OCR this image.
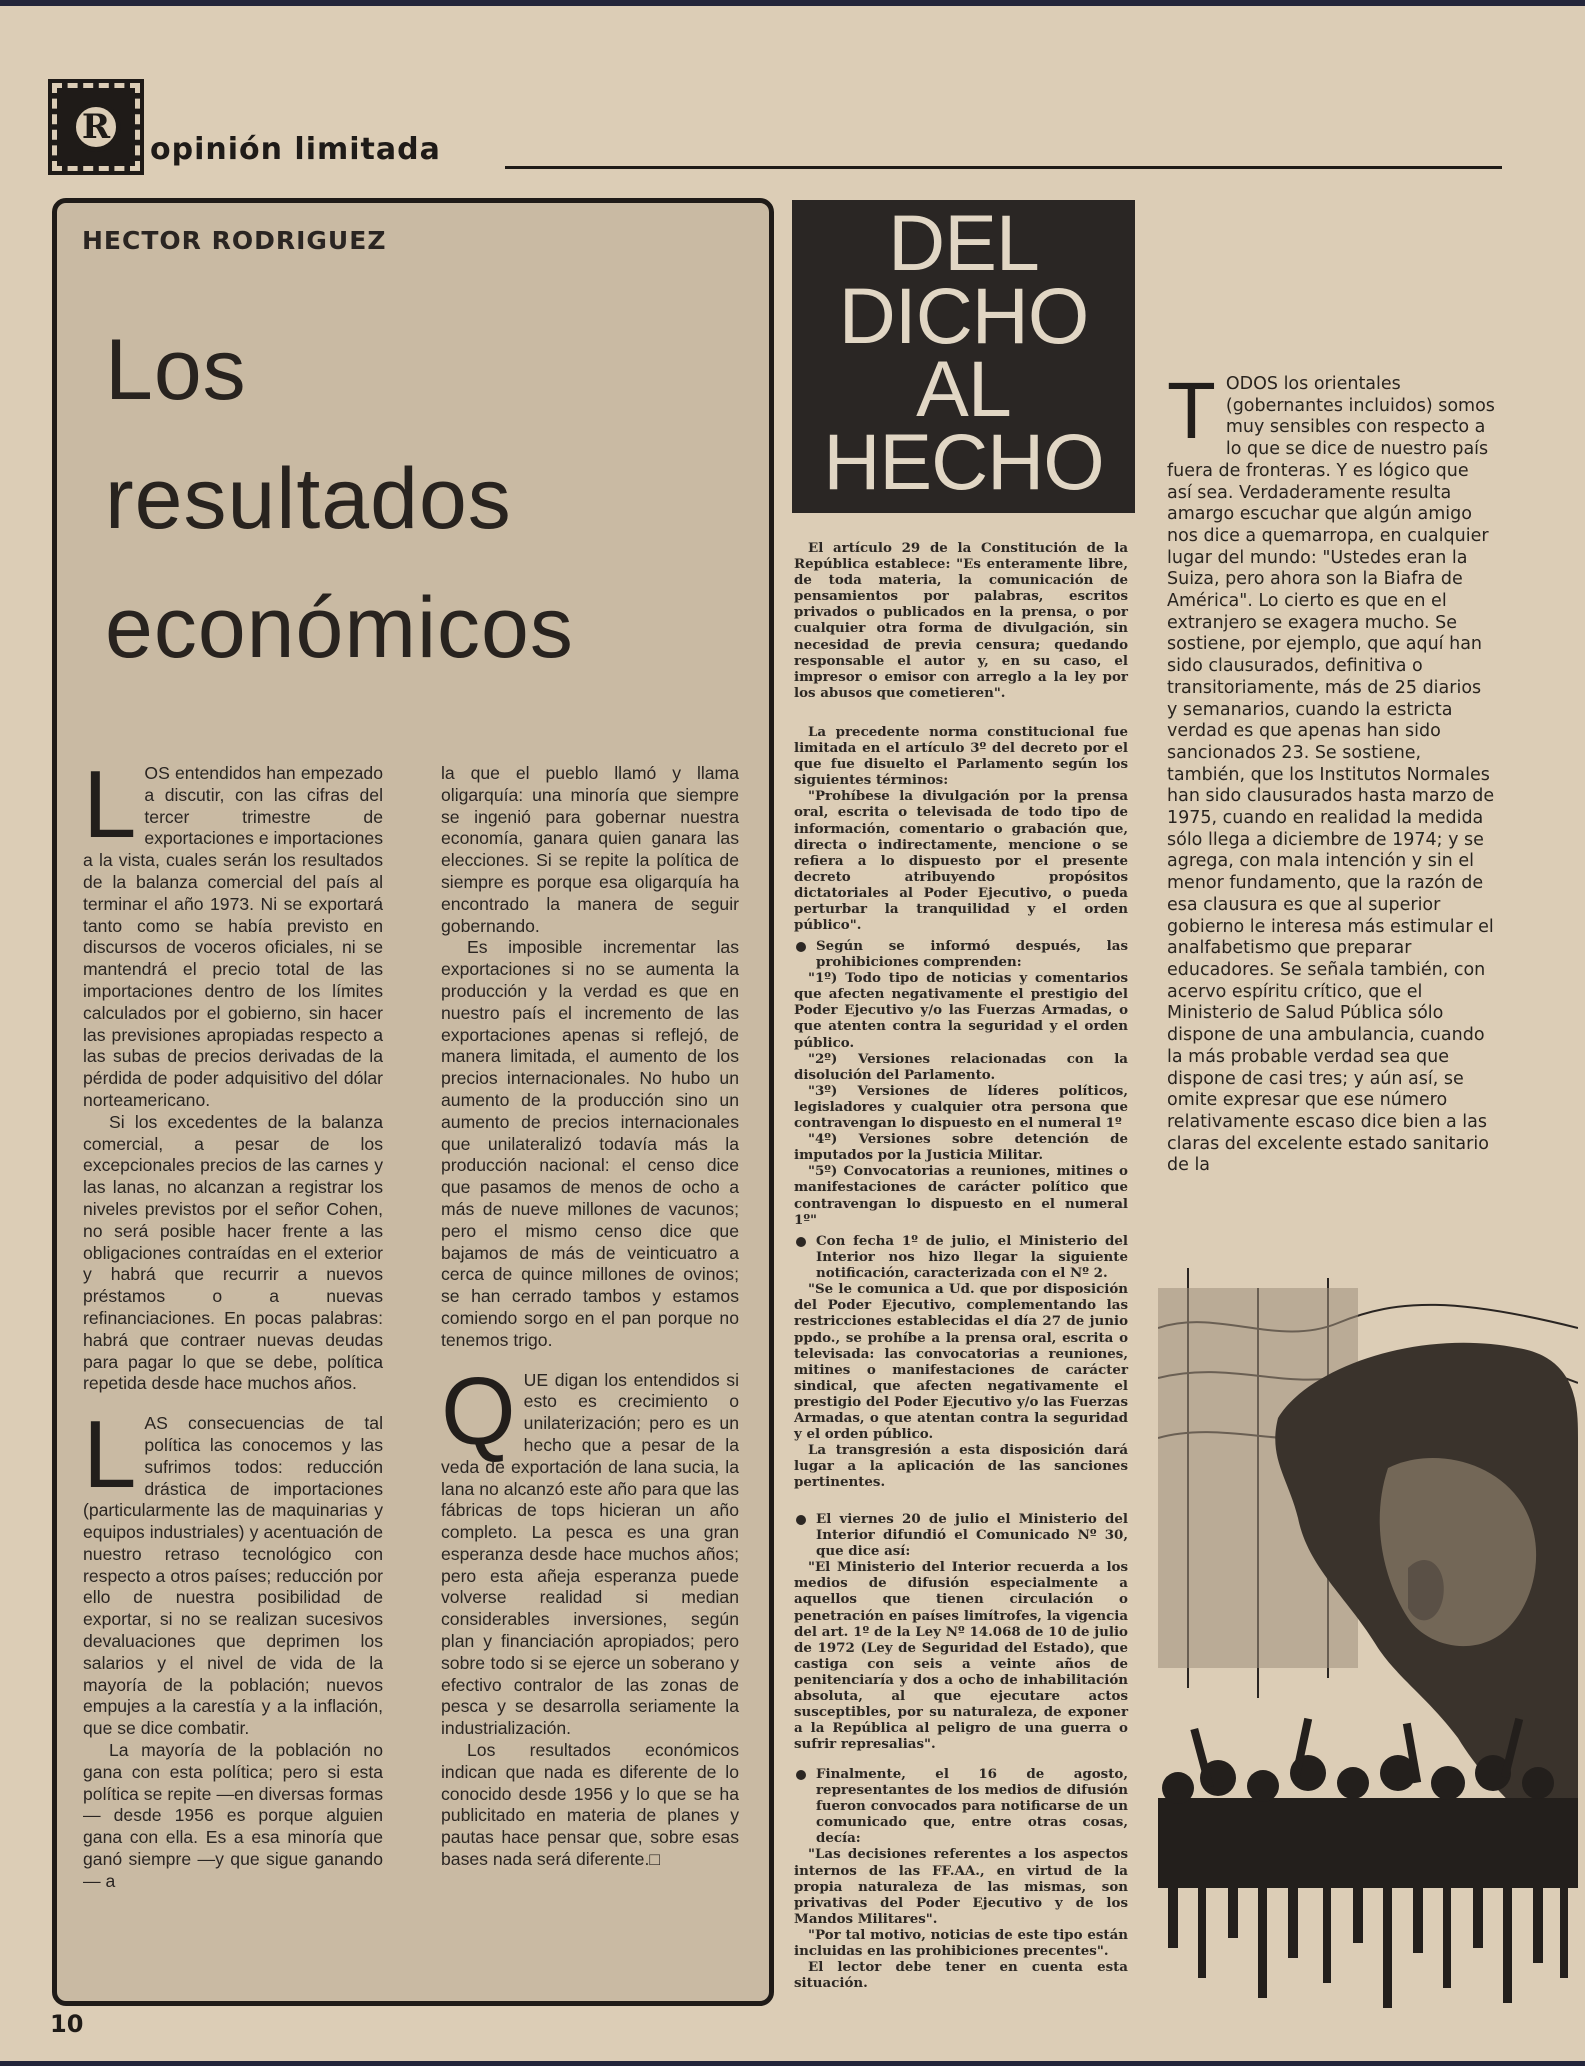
R
opinión limitada
HECTOR RODRIGUEZ
Los
resultados
económicos

LOS entendidos han empezado a discutir, con las cifras del tercer trimestre de exportaciones e importaciones a la vista, cuales serán los resultados de la balanza comercial del país al terminar el año 1973. Ni se exportará tanto como se había previsto en discursos de voceros oficiales, ni se mantendrá el precio total de las importaciones dentro de los límites calculados por el gobierno, sin hacer las previsiones apropiadas respecto a las subas de precios derivadas de la pérdida de poder adquisitivo del dólar norteamericano.

Si los excedentes de la balanza comercial, a pesar de los excepcionales precios de las carnes y las lanas, no alcanzan a registrar los niveles previstos por el señor Cohen, no será posible hacer frente a las obligaciones contraídas en el exterior y habrá que recurrir a nuevos préstamos o a nuevas refinanciaciones. En pocas palabras: habrá que contraer nuevas deudas para pagar lo que se debe, política repetida desde hace muchos años.

LAS consecuencias de tal política las conocemos y las sufrimos todos: reducción drástica de importaciones (particularmente las de maquinarias y equipos industriales) y acentuación de nuestro retraso tecnológico con respecto a otros países; reducción por ello de nuestra posibilidad de exportar, si no se realizan sucesivos devaluaciones que deprimen los salarios y el nivel de vida de la mayoría de la población; nuevos empujes a la carestía y a la inflación, que se dice combatir.

La mayoría de la población no gana con esta política; pero si esta política se repite —en diversas formas— desde 1956 es porque alguien gana con ella. Es a esa minoría que ganó siempre —y que sigue ganando— a

la que el pueblo llamó y llama oligarquía: una minoría que siempre se ingenió para gobernar nuestra economía, ganara quien ganara las elecciones. Si se repite la política de siempre es porque esa oligarquía ha encontrado la manera de seguir gobernando.

Es imposible incrementar las exportaciones si no se aumenta la producción y la verdad es que en nuestro país el incremento de las exportaciones apenas si reflejó, de manera limitada, el aumento de los precios internacionales. No hubo un aumento de la producción sino un aumento de precios internacionales que unilateralizó todavía más la producción nacional: el censo dice que pasamos de menos de ocho a más de nueve millones de vacunos; pero el mismo censo dice que bajamos de más de veinticuatro a cerca de quince millones de ovinos; se han cerrado tambos y estamos comiendo sorgo en el pan porque no tenemos trigo.

QUE digan los entendidos si esto es crecimiento o unilaterización; pero es un hecho que a pesar de la veda de exportación de lana sucia, la lana no alcanzó este año para que las fábricas de tops hicieran un año completo. La pesca es una gran esperanza desde hace muchos años; pero esta añeja esperanza puede volverse realidad si median considerables inversiones, según plan y financiación apropiados; pero sobre todo si se ejerce un soberano y efectivo contralor de las zonas de pesca y se desarrolla seriamente la industrialización.

Los resultados económicos indican que nada es diferente de lo conocido desde 1956 y lo que se ha publicitado en materia de planes y pautas hace pensar que, sobre esas bases nada será diferente.□

10
DEL
DICHO
AL
HECHO

El artículo 29 de la Constitución de la República establece: "Es enteramente libre, de toda materia, la comunicación de pensamientos por palabras, escritos privados o publicados en la prensa, o por cualquier otra forma de divulgación, sin necesidad de previa censura; quedando responsable el autor y, en su caso, el impresor o emisor con arreglo a la ley por los abusos que cometieren".

La precedente norma constitucional fue limitada en el artículo 3º del decreto por el que fue disuelto el Parlamento según los siguientes términos:

"Prohíbese la divulgación por la prensa oral, escrita o televisada de todo tipo de información, comentario o grabación que, directa o indirectamente, mencione o se refiera a lo dispuesto por el presente decreto atribuyendo propósitos dictatoriales al Poder Ejecutivo, o pueda perturbar la tranquilidad y el orden público".

Según se informó después, las prohibiciones comprenden:

"1º) Todo tipo de noticias y comentarios que afecten negativamente el prestigio del Poder Ejecutivo y/o las Fuerzas Armadas, o que atenten contra la seguridad y el orden público.

"2º) Versiones relacionadas con la disolución del Parlamento.

"3º) Versiones de líderes políticos, legisladores y cualquier otra persona que contravengan lo dispuesto en el numeral 1º

"4º) Versiones sobre detención de imputados por la Justicia Militar.

"5º) Convocatorias a reuniones, mitines o manifestaciones de carácter político que contravengan lo dispuesto en el numeral 1º"

Con fecha 1º de julio, el Ministerio del Interior nos hizo llegar la siguiente notificación, caracterizada con el Nº 2.

"Se le comunica a Ud. que por disposición del Poder Ejecutivo, complementando las restricciones establecidas el día 27 de junio ppdo., se prohíbe a la prensa oral, escrita o televisada: las convocatorias a reuniones, mitines o manifestaciones de carácter sindical, que afecten negativamente el prestigio del Poder Ejecutivo y/o las Fuerzas Armadas, o que atentan contra la seguridad y el orden público.

La transgresión a esta disposición dará lugar a la aplicación de las sanciones pertinentes.

El viernes 20 de julio el Ministerio del Interior difundió el Comunicado Nº 30, que dice así:

"El Ministerio del Interior recuerda a los medios de difusión especialmente a aquellos que tienen circulación o penetración en países limítrofes, la vigencia del art. 1º de la Ley Nº 14.068 de 10 de julio de 1972 (Ley de Seguridad del Estado), que castiga con seis a veinte años de penitenciaría y dos a ocho de inhabilitación absoluta, al que ejecutare actos susceptibles, por su naturaleza, de exponer a la República al peligro de una guerra o sufrir represalias".

Finalmente, el 16 de agosto, representantes de los medios de difusión fueron convocados para notificarse de un comunicado que, entre otras cosas, decía:

"Las decisiones referentes a los aspectos internos de las FF.AA., en virtud de la propia naturaleza de las mismas, son privativas del Poder Ejecutivo y de los Mandos Militares".

"Por tal motivo, noticias de este tipo están incluidas en las prohibiciones precentes".

El lector debe tener en cuenta esta situación.

TODOS los orientales (gobernantes incluidos) somos muy sensibles con respecto a lo que se dice de nuestro país fuera de fronteras. Y es lógico que así sea. Verdaderamente resulta amargo escuchar que algún amigo nos dice a quemarropa, en cualquier lugar del mundo: "Ustedes eran la Suiza, pero ahora son la Biafra de América". Lo cierto es que en el extranjero se exagera mucho. Se sostiene, por ejemplo, que aquí han sido clausurados, definitiva o transitoriamente, más de 25 diarios y semanarios, cuando la estricta verdad es que apenas han sido sancionados 23. Se sostiene, también, que los Institutos Normales han sido clausurados hasta marzo de 1975, cuando en realidad la medida sólo llega a diciembre de 1974; y se agrega, con mala intención y sin el menor fundamento, que la razón de esa clausura es que al superior gobierno le interesa más estimular el analfabetismo que preparar educadores. Se señala también, con acervo espíritu crítico, que el Ministerio de Salud Pública sólo dispone de una ambulancia, cuando la más probable verdad sea que dispone de casi tres; y aún así, se omite expresar que ese número relativamente escaso dice bien a las claras del excelente estado sanitario de la
